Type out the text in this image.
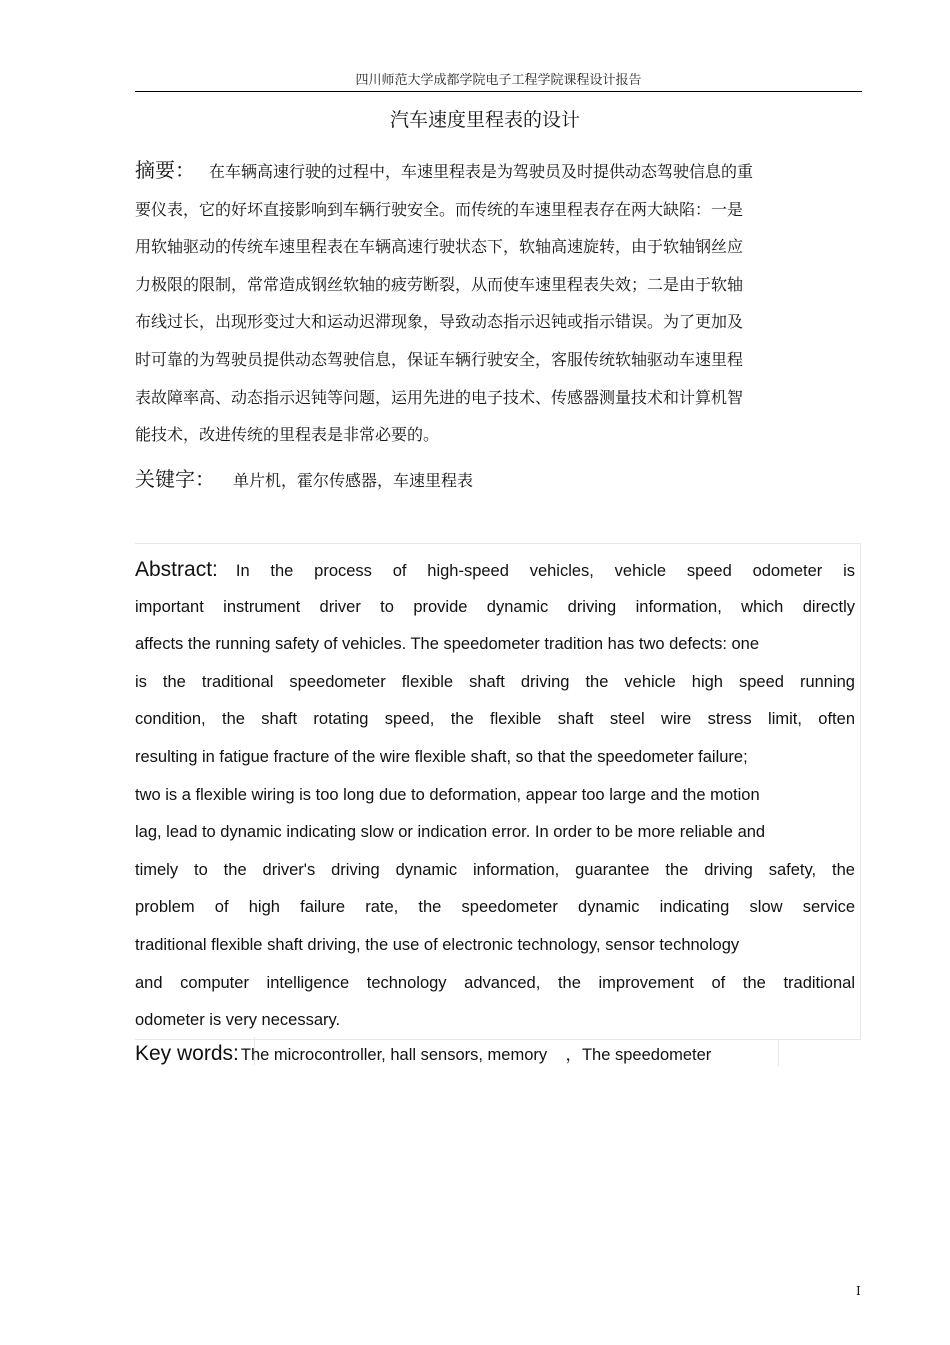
四川师范大学成都学院电子工程学院课程设计报告
汽车速度里程表的设计
摘要： 在车辆高速行驶的过程中，车速里程表是为驾驶员及时提供动态驾驶信息的重
要仪表，它的好坏直接影响到车辆行驶安全。而传统的车速里程表存在两大缺陷：一是
用软轴驱动的传统车速里程表在车辆高速行驶状态下，软轴高速旋转，由于软轴钢丝应
力极限的限制，常常造成钢丝软轴的疲劳断裂，从而使车速里程表失效；二是由于软轴
布线过长，出现形变过大和运动迟滞现象，导致动态指示迟钝或指示错误。为了更加及
时可靠的为驾驶员提供动态驾驶信息，保证车辆行驶安全，客服传统软轴驱动车速里程
表故障率高、动态指示迟钝等问题，运用先进的电子技术、传感器测量技术和计算机智
能技术，改进传统的里程表是非常必要的。
关键字： 单片机，霍尔传感器，车速里程表
Abstract: In the process of high-speed vehicles, vehicle speed odometer is
important instrument driver to provide dynamic driving information, which directly
affects the running safety of vehicles. The speedometer tradition has two defects: one
is the traditional speedometer flexible shaft driving the vehicle high speed running
condition, the shaft rotating speed, the flexible shaft steel wire stress limit, often
resulting in fatigue fracture of the wire flexible shaft, so that the speedometer failure;
two is a flexible wiring is too long due to deformation, appear too large and the motion
lag, lead to dynamic indicating slow or indication error. In order to be more reliable and
timely to the driver's driving dynamic information, guarantee the driving safety, the
problem of high failure rate, the speedometer dynamic indicating slow service
traditional flexible shaft driving, the use of electronic technology, sensor technology
and computer intelligence technology advanced, the improvement of the traditional
odometer is very necessary.
Key words: The microcontroller, hall sensors, memory    ，The speedometer
I
